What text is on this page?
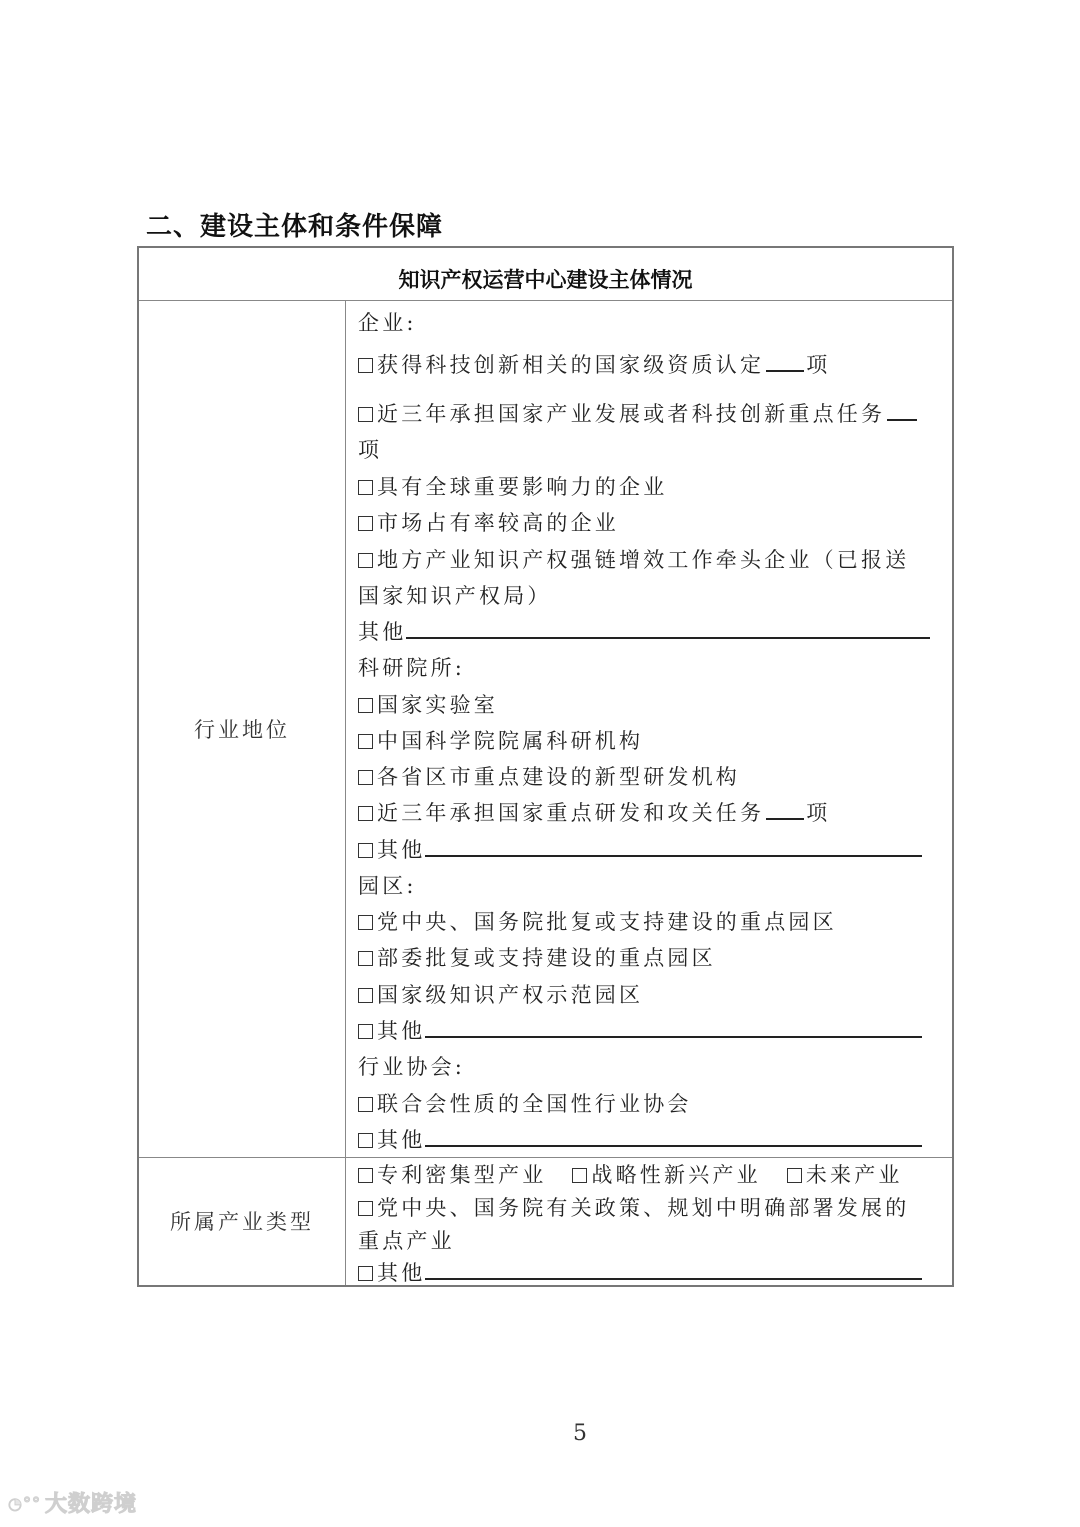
二、建设主体和条件保障
知识产权运营中心建设主体情况
行业地位
企业:
获得科技创新相关的国家级资质认定 项
近三年承担国家产业发展或者科技创新重点任务
项
具有全球重要影响力的企业
市场占有率较高的企业
地方产业知识产权强链增效工作牵头企业（已报送
国家知识产权局）
其他
科研院所:
国家实验室
中国科学院院属科研机构
各省区市重点建设的新型研发机构
近三年承担国家重点研发和攻关任务 项
其他
园区:
党中央、国务院批复或支持建设的重点园区
部委批复或支持建设的重点园区
国家级知识产权示范园区
其他
行业协会:
联合会性质的全国性行业协会
其他
所属产业类型
专利密集型产业 战略性新兴产业 未来产业
党中央、国务院有关政策、规划中明确部署发展的
重点产业
其他
5
◔°° 大数跨境
